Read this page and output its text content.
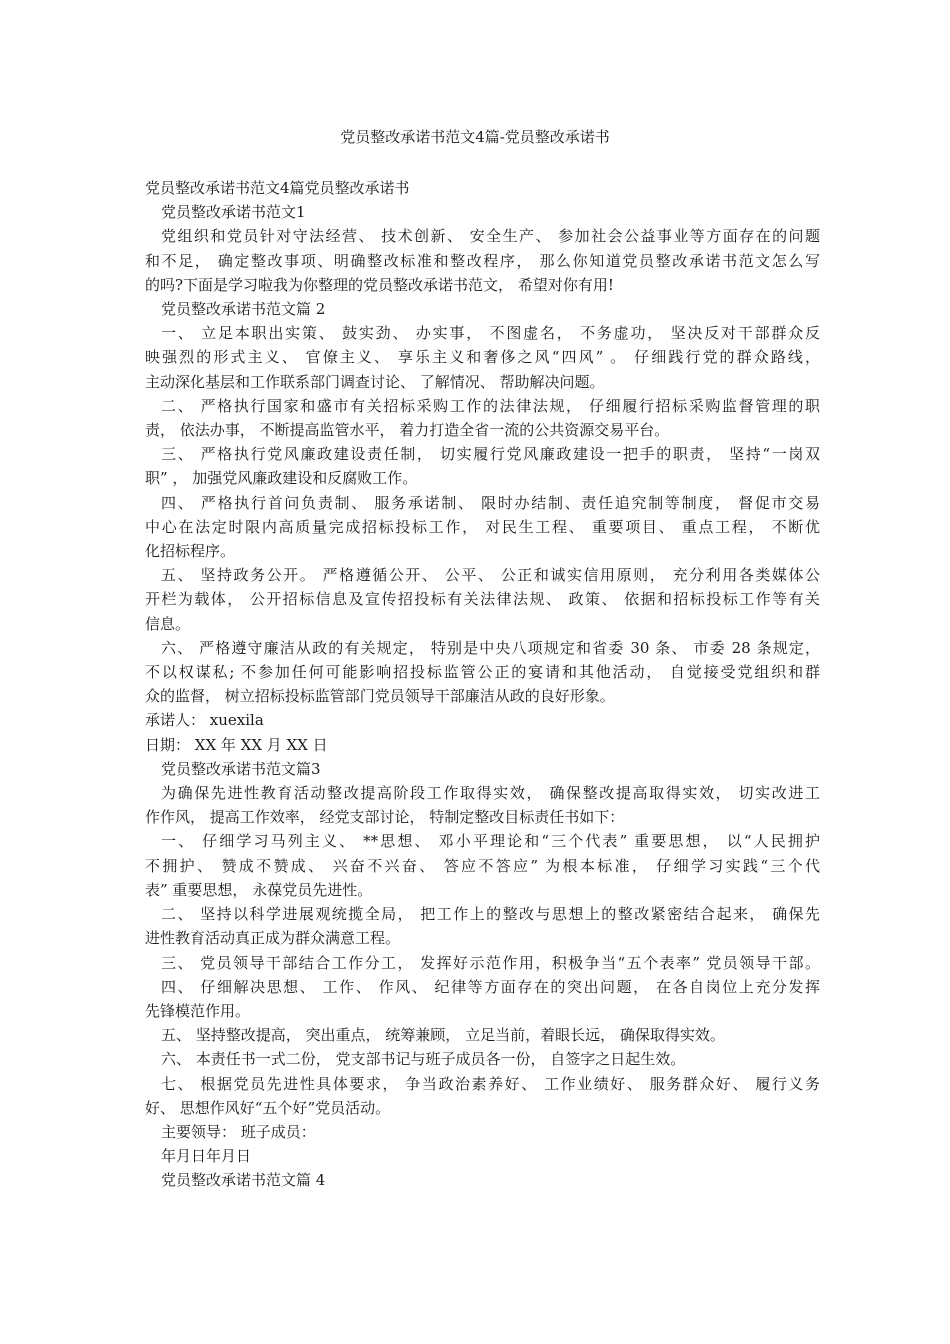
党员整改承诺书范文4篇-党员整改承诺书
党员整改承诺书范文4篇党员整改承诺书
党员整改承诺书范文1
党组织和党员针对守法经营、 技术创新、 安全生产、 参加社会公益事业等方面存在的问题
和不足， 确定整改事项、明确整改标准和整改程序， 那么你知道党员整改承诺书范文怎么写
的吗?下面是学习啦我为你整理的党员整改承诺书范文， 希望对你有用!
党员整改承诺书范文篇 2
一、 立足本职出实策、 鼓实劲、 办实事， 不图虚名， 不务虚功， 坚决反对干部群众反
映强烈的形式主义、 官僚主义、 享乐主义和奢侈之风“四风” 。 仔细践行党的群众路线，
主动深化基层和工作联系部门调查讨论、 了解情况、 帮助解决问题。
二、 严格执行国家和盛市有关招标采购工作的法律法规， 仔细履行招标采购监督管理的职
责， 依法办事， 不断提高监管水平， 着力打造全省一流的公共资源交易平台。
三、 严格执行党风廉政建设责任制， 切实履行党风廉政建设一把手的职责， 坚持“一岗双
职” ， 加强党风廉政建设和反腐败工作。
四、 严格执行首问负责制、 服务承诺制、 限时办结制、责任追究制等制度， 督促市交易
中心在法定时限内高质量完成招标投标工作， 对民生工程、 重要项目、 重点工程， 不断优
化招标程序。
五、 坚持政务公开。 严格遵循公开、 公平、 公正和诚实信用原则， 充分利用各类媒体公
开栏为载体， 公开招标信息及宣传招投标有关法律法规、 政策、 依据和招标投标工作等有关
信息。
六、 严格遵守廉洁从政的有关规定， 特别是中央八项规定和省委 30 条、 市委 28 条规定，
不以权谋私; 不参加任何可能影响招投标监管公正的宴请和其他活动， 自觉接受党组织和群
众的监督， 树立招标投标监管部门党员领导干部廉洁从政的良好形象。
承诺人： xuexila
日期： XX 年 XX 月 XX 日
党员整改承诺书范文篇3
为确保先进性教育活动整改提高阶段工作取得实效， 确保整改提高取得实效， 切实改进工
作作风， 提高工作效率， 经党支部讨论， 特制定整改目标责任书如下：
一、 仔细学习马列主义、 **思想、 邓小平理论和“三个代表” 重要思想， 以“人民拥护
不拥护、 赞成不赞成、 兴奋不兴奋、 答应不答应” 为根本标准， 仔细学习实践“三个代
表” 重要思想， 永葆党员先进性。
二、 坚持以科学进展观统揽全局， 把工作上的整改与思想上的整改紧密结合起来， 确保先
进性教育活动真正成为群众满意工程。
三、 党员领导干部结合工作分工， 发挥好示范作用，积极争当“五个表率” 党员领导干部。
四、 仔细解决思想、 工作、 作风、 纪律等方面存在的突出问题， 在各自岗位上充分发挥
先锋模范作用。
五、 坚持整改提高， 突出重点， 统筹兼顾， 立足当前，着眼长远， 确保取得实效。
六、 本责任书一式二份， 党支部书记与班子成员各一份， 自签字之日起生效。
七、 根据党员先进性具体要求， 争当政治素养好、 工作业绩好、 服务群众好、 履行义务
好、 思想作风好“五个好”党员活动。
主要领导： 班子成员：
年月日年月日
党员整改承诺书范文篇 4
